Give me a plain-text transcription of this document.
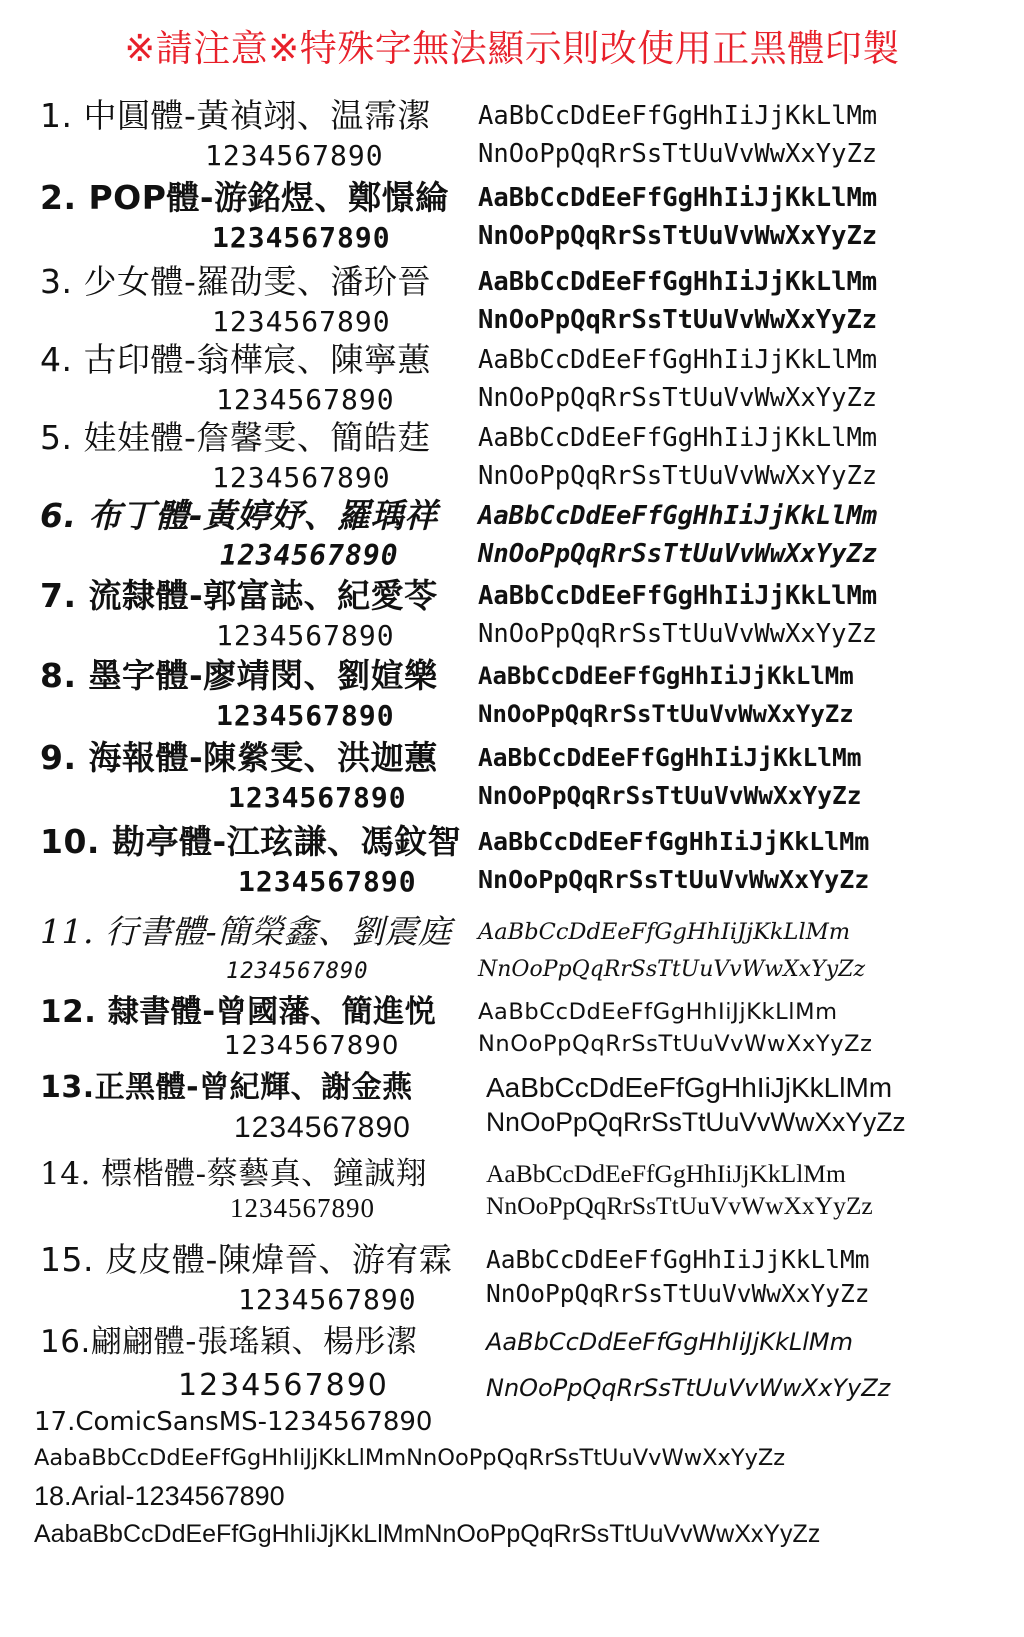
※請注意※特殊字無法顯示則改使用正黑體印製
1. 中圓體-黃禎翊、温霈潔
1234567890
AaBbCcDdEeFfGgHhIiJjKkLlMm
NnOoPpQqRrSsTtUuVvWwXxYyZz
2. POP體-游銘煜、鄭憬綸
1234567890
AaBbCcDdEeFfGgHhIiJjKkLlMm
NnOoPpQqRrSsTtUuVvWwXxYyZz
3. 少女體-羅劭雯、潘玠晉
1234567890
AaBbCcDdEeFfGgHhIiJjKkLlMm
NnOoPpQqRrSsTtUuVvWwXxYyZz
4. 古印體-翁樺宸、陳寧蕙
1234567890
AaBbCcDdEeFfGgHhIiJjKkLlMm
NnOoPpQqRrSsTtUuVvWwXxYyZz
5. 娃娃體-詹馨雯、簡皓莛
1234567890
AaBbCcDdEeFfGgHhIiJjKkLlMm
NnOoPpQqRrSsTtUuVvWwXxYyZz
6. 布丁體-黃婷妤、羅瑀祥
1234567890
AaBbCcDdEeFfGgHhIiJjKkLlMm
NnOoPpQqRrSsTtUuVvWwXxYyZz
7. 流隸體-郭富誌、紀愛苓
1234567890
AaBbCcDdEeFfGgHhIiJjKkLlMm
NnOoPpQqRrSsTtUuVvWwXxYyZz
8. 墨字體-廖靖閔、劉媗樂
1234567890
AaBbCcDdEeFfGgHhIiJjKkLlMm
NnOoPpQqRrSsTtUuVvWwXxYyZz
9. 海報體-陳縈雯、洪迦蕙
1234567890
AaBbCcDdEeFfGgHhIiJjKkLlMm
NnOoPpQqRrSsTtUuVvWwXxYyZz
10. 勘亭體-江玹謙、馮鈫智
1234567890
AaBbCcDdEeFfGgHhIiJjKkLlMm
NnOoPpQqRrSsTtUuVvWwXxYyZz
11. 行書體-簡榮鑫、劉震庭
1234567890
AaBbCcDdEeFfGgHhIiJjKkLlMm
NnOoPpQqRrSsTtUuVvWwXxYyZz
12. 隸書體-曾國藩、簡進悦
1234567890
AaBbCcDdEeFfGgHhIiJjKkLlMm
NnOoPpQqRrSsTtUuVvWwXxYyZz
13.正黑體-曾紀輝、謝金燕
1234567890
AaBbCcDdEeFfGgHhIiJjKkLlMm
NnOoPpQqRrSsTtUuVvWwXxYyZz
14. 標楷體-蔡藝真、鐘誠翔
1234567890
AaBbCcDdEeFfGgHhIiJjKkLlMm
NnOoPpQqRrSsTtUuVvWwXxYyZz
15. 皮皮體-陳煒晉、游宥霖
1234567890
AaBbCcDdEeFfGgHhIiJjKkLlMm
NnOoPpQqRrSsTtUuVvWwXxYyZz
16.翩翩體-張瑤穎、楊彤潔
1234567890
AaBbCcDdEeFfGgHhIiJjKkLlMm
NnOoPpQqRrSsTtUuVvWwXxYyZz
17.ComicSansMS-1234567890
AabaBbCcDdEeFfGgHhIiJjKkLlMmNnOoPpQqRrSsTtUuVvWwXxYyZz
18.Arial-1234567890
AabaBbCcDdEeFfGgHhIiJjKkLlMmNnOoPpQqRrSsTtUuVvWwXxYyZz
